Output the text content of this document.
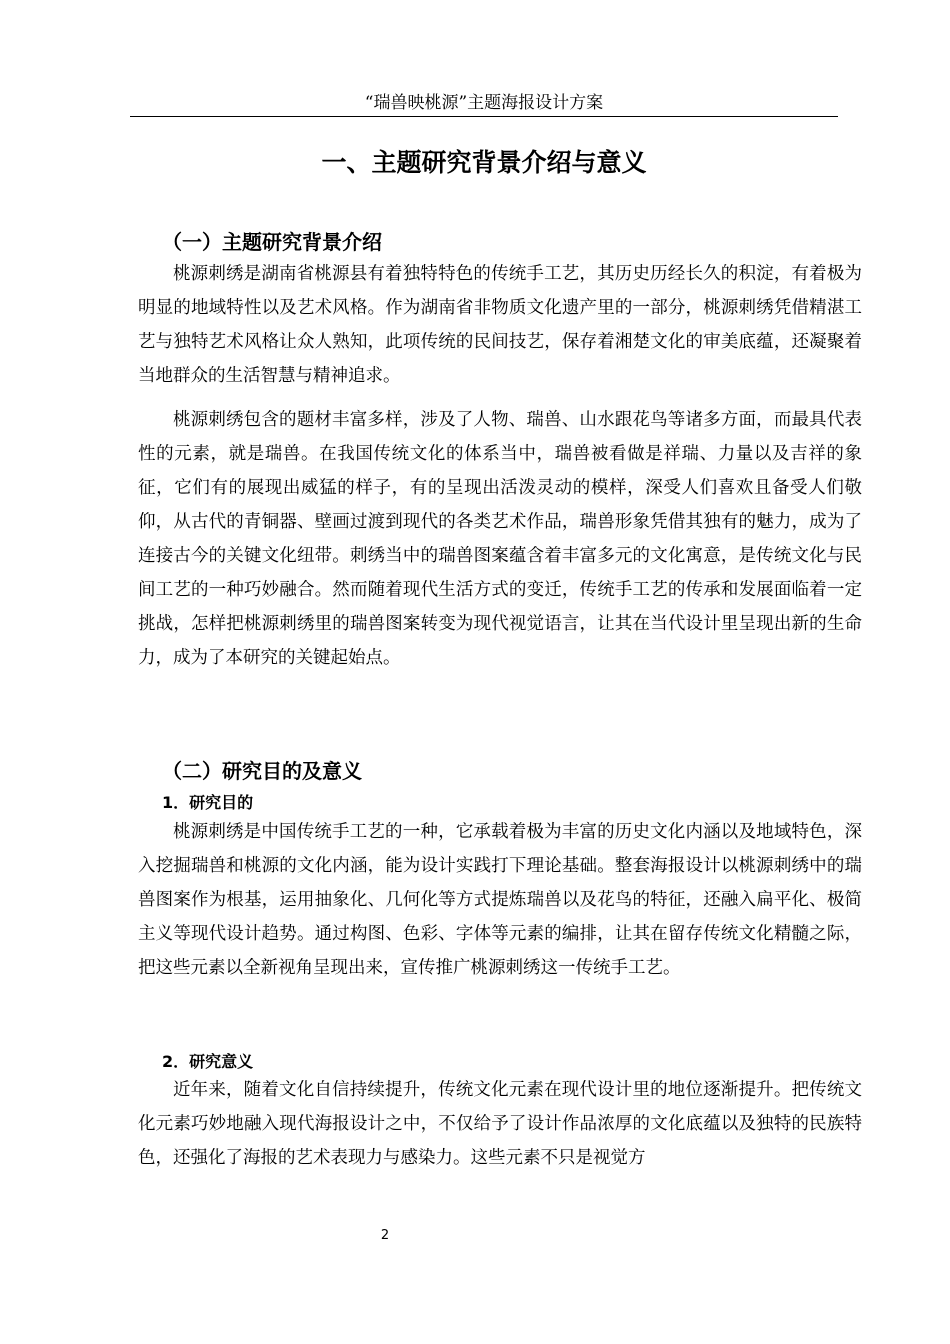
“瑞兽映桃源”主题海报设计方案
一、主题研究背景介绍与意义
（一）主题研究背景介绍

桃源刺绣是湖南省桃源县有着独特特色的传统手工艺，其历史历经长久的积淀，有着极为明显的地域特性以及艺术风格。作为湖南省非物质文化遗产里的一部分，桃源刺绣凭借精湛工艺与独特艺术风格让众人熟知，此项传统的民间技艺，保存着湘楚文化的审美底蕴，还凝聚着当地群众的生活智慧与精神追求。

桃源刺绣包含的题材丰富多样，涉及了人物、瑞兽、山水跟花鸟等诸多方面，而最具代表性的元素，就是瑞兽。在我国传统文化的体系当中，瑞兽被看做是祥瑞、力量以及吉祥的象征，它们有的展现出威猛的样子，有的呈现出活泼灵动的模样，深受人们喜欢且备受人们敬仰，从古代的青铜器、壁画过渡到现代的各类艺术作品，瑞兽形象凭借其独有的魅力，成为了连接古今的关键文化纽带。刺绣当中的瑞兽图案蕴含着丰富多元的文化寓意，是传统文化与民间工艺的一种巧妙融合。然而随着现代生活方式的变迁，传统手工艺的传承和发展面临着一定挑战，怎样把桃源刺绣里的瑞兽图案转变为现代视觉语言，让其在当代设计里呈现出新的生命力，成为了本研究的关键起始点。

（二）研究目的及意义
1．研究目的

桃源刺绣是中国传统手工艺的一种，它承载着极为丰富的历史文化内涵以及地域特色，深入挖掘瑞兽和桃源的文化内涵，能为设计实践打下理论基础。整套海报设计以桃源刺绣中的瑞兽图案作为根基，运用抽象化、几何化等方式提炼瑞兽以及花鸟的特征，还融入扁平化、极简主义等现代设计趋势。通过构图、色彩、字体等元素的编排，让其在留存传统文化精髓之际，把这些元素以全新视角呈现出来，宣传推广桃源刺绣这一传统手工艺。

2．研究意义

近年来，随着文化自信持续提升，传统文化元素在现代设计里的地位逐渐提升。把传统文化元素巧妙地融入现代海报设计之中，不仅给予了设计作品浓厚的文化底蕴以及独特的民族特色，还强化了海报的艺术表现力与感染力。这些元素不只是视觉方

2
